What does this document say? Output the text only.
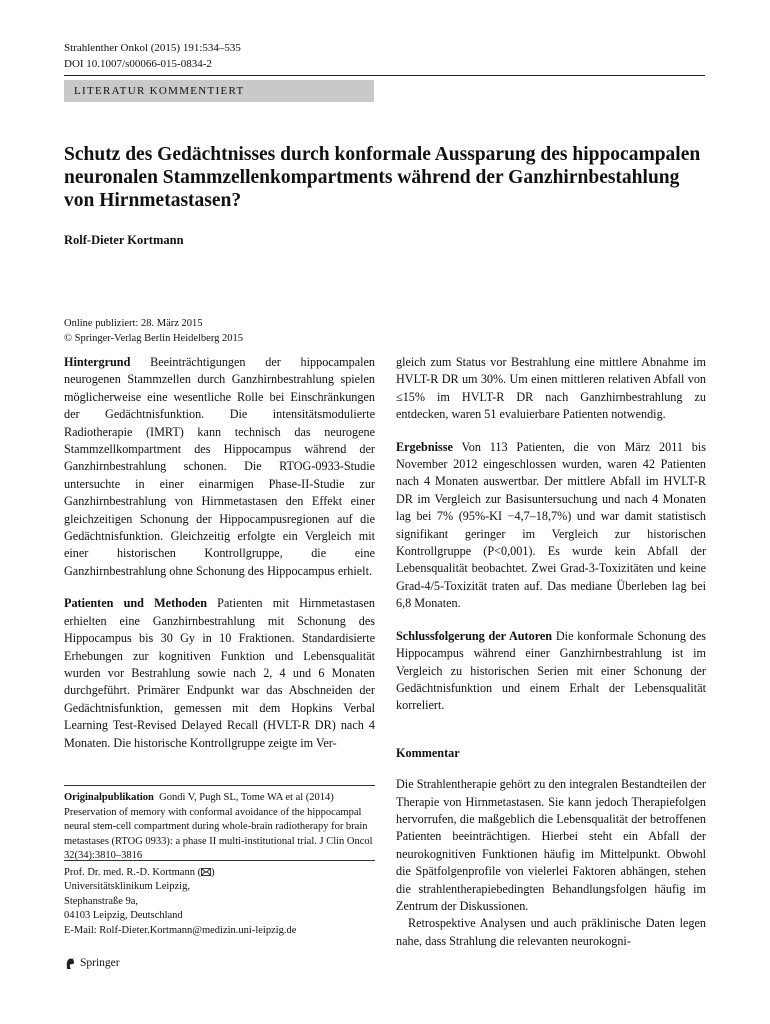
Strahlenther Onkol (2015) 191:534–535
DOI 10.1007/s00066-015-0834-2
LITERATUR KOMMENTIERT
Schutz des Gedächtnisses durch konformale Aussparung des hippocampalen neuronalen Stammzellenkompartments während der Ganzhirnbestahlung von Hirnmetastasen?
Rolf-Dieter Kortmann
Online publiziert: 28. März 2015
© Springer-Verlag Berlin Heidelberg 2015

Hintergrund Beeinträchtigungen der hippocampalen neurogenen Stammzellen durch Ganzhirnbestrahlung spielen möglicherweise eine wesentliche Rolle bei Einschränkungen der Gedächtnisfunktion. Die intensitätsmodulierte Radiotherapie (IMRT) kann technisch das neurogene Stammzellkompartment des Hippocampus während der Ganzhirnbestrahlung schonen. Die RTOG-0933-Studie untersuchte in einer einarmigen Phase-II-Studie zur Ganzhirnbestrahlung von Hirnmetastasen den Effekt einer gleichzeitigen Schonung der Hippocampusregionen auf die Gedächtnisfunktion. Gleichzeitig erfolgte ein Vergleich mit einer historischen Kontrollgruppe, die eine Ganzhirnbestrahlung ohne Schonung des Hippocampus erhielt.

Patienten und Methoden Patienten mit Hirnmetastasen erhielten eine Ganzhirnbestrahlung mit Schonung des Hippocampus bis 30 Gy in 10 Fraktionen. Standardisierte Erhebungen zur kognitiven Funktion und Lebensqualität wurden vor Bestrahlung sowie nach 2, 4 und 6 Monaten durchgeführt. Primärer Endpunkt war das Abschneiden der Gedächtnisfunktion, gemessen mit dem Hopkins Verbal Learning Test-Revised Delayed Recall (HVLT-R DR) nach 4 Monaten. Die historische Kontrollgruppe zeigte im Ver-

gleich zum Status vor Bestrahlung eine mittlere Abnahme im HVLT-R DR um 30%. Um einen mittleren relativen Abfall von ≤15% im HVLT-R DR nach Ganzhirnbestrahlung zu entdecken, waren 51 evaluierbare Patienten notwendig.

Ergebnisse Von 113 Patienten, die von März 2011 bis November 2012 eingeschlossen wurden, waren 42 Patienten nach 4 Monaten auswertbar. Der mittlere Abfall im HVLT-R DR im Vergleich zur Basisuntersuchung und nach 4 Monaten lag bei 7% (95%-KI −4,7–18,7%) und war damit statistisch signifikant geringer im Vergleich zur historischen Kontrollgruppe (P<0,001). Es wurde kein Abfall der Lebensqualität beobachtet. Zwei Grad-3-Toxizitäten und keine Grad-4/5-Toxizität traten auf. Das mediane Überleben lag bei 6,8 Monaten.

Schlussfolgerung der Autoren Die konformale Schonung des Hippocampus während einer Ganzhirnbestrahlung ist im Vergleich zu historischen Serien mit einer Schonung der Gedächtnisfunktion und einem Erhalt der Lebensqualität korreliert.

Kommentar

Die Strahlentherapie gehört zu den integralen Bestandteilen der Therapie von Hirnmetastasen. Sie kann jedoch Therapiefolgen hervorrufen, die maßgeblich die Lebensqualität der betroffenen Patienten beeinträchtigen. Hierbei steht ein Abfall der neurokognitiven Funktionen häufig im Mittelpunkt. Obwohl die Spätfolgenprofile von vielerlei Faktoren abhängen, stehen die strahlentherapiebedingten Behandlungsfolgen häufig im Zentrum der Diskussionen.

Retrospektive Analysen und auch präklinische Daten legen nahe, dass Strahlung die relevanten neurokogni-

Originalpublikation Gondi V, Pugh SL, Tome WA et al (2014) Preservation of memory with conformal avoidance of the hippocampal neural stem-cell compartment during whole-brain radiotherapy for brain metastases (RTOG 0933): a phase II multi-institutional trial. J Clin Oncol 32(34):3810–3816
Prof. Dr. med. R.-D. Kortmann ( )
Universitätsklinikum Leipzig,
Stephanstraße 9a,
04103 Leipzig, Deutschland
E-Mail: Rolf-Dieter.Kortmann@medizin.uni-leipzig.de
Springer
